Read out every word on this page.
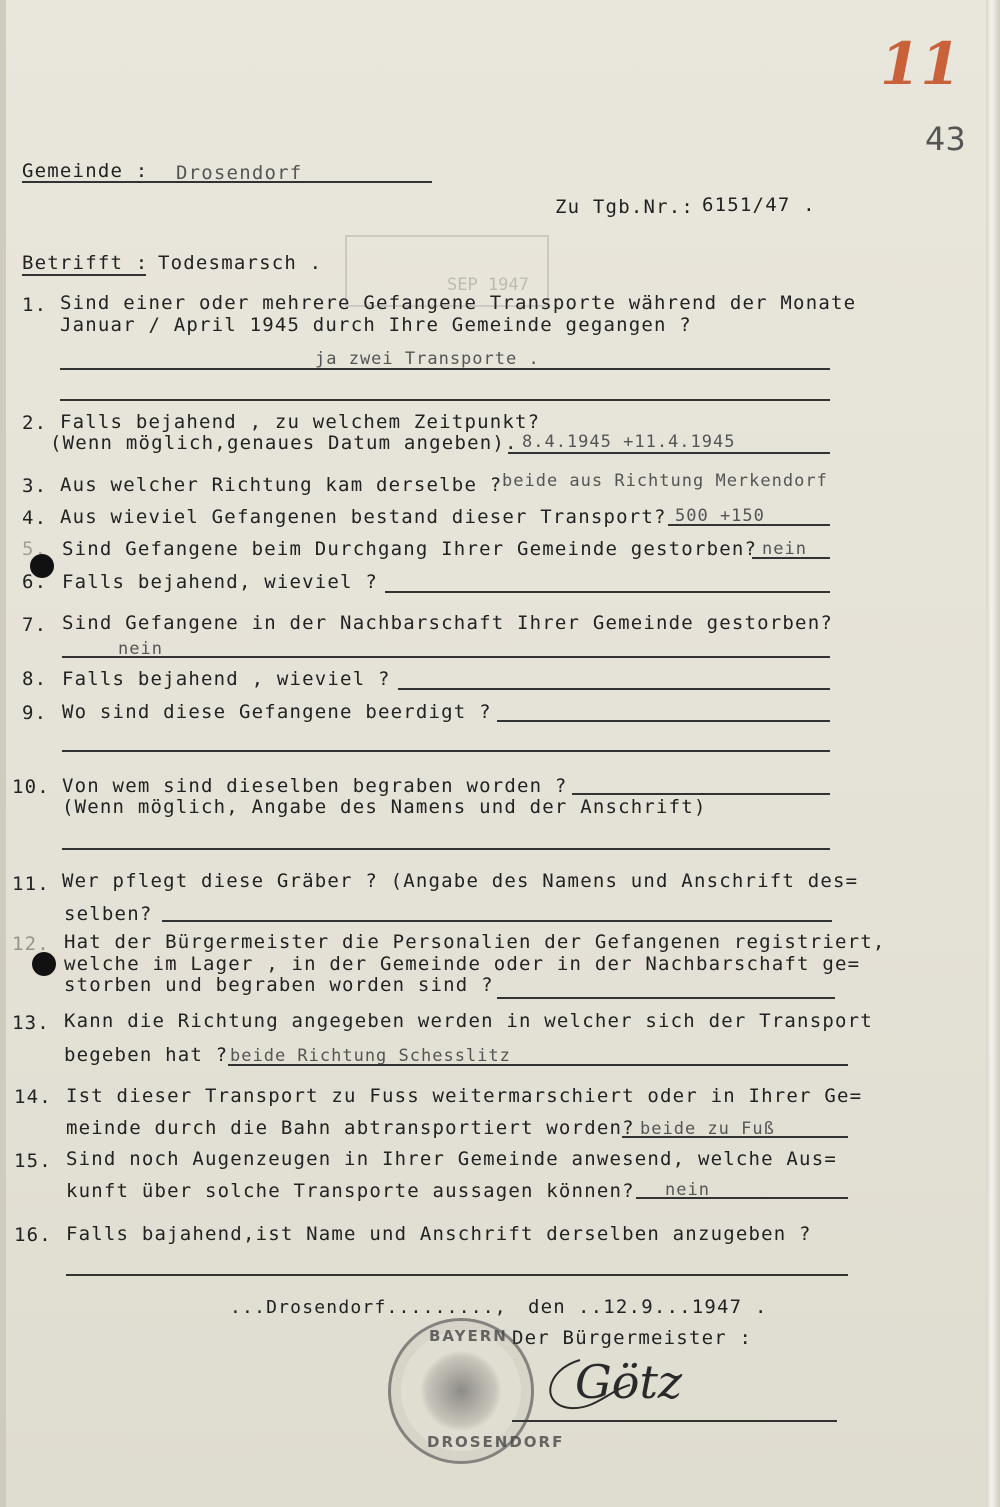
11
43
SEP 1947
Gemeinde : Drosendorf
Zu Tgb.Nr.: 6151/47 .
Betrifft : Todesmarsch .
1. Sind einer oder mehrere Gefangene Transporte während der Monate
Januar / April 1945 durch Ihre Gemeinde gegangen ?
ja zwei Transporte .
2. Falls bejahend , zu welchem Zeitpunkt?
(Wenn möglich,genaues Datum angeben). 8.4.1945 +11.4.1945
3. Aus welcher Richtung kam derselbe ? beide aus Richtung Merkendorf
4. Aus wieviel Gefangenen bestand dieser Transport? 500 +150
5. Sind Gefangene beim Durchgang Ihrer Gemeinde gestorben? nein
6. Falls bejahend, wieviel ?
7. Sind Gefangene in der Nachbarschaft Ihrer Gemeinde gestorben?
nein
8. Falls bejahend , wieviel ?
9. Wo sind diese Gefangene beerdigt ?
10. Von wem sind dieselben begraben worden ?
(Wenn möglich, Angabe des Namens und der Anschrift)
11. Wer pflegt diese Gräber ? (Angabe des Namens und Anschrift des=
selben?
12. Hat der Bürgermeister die Personalien der Gefangenen registriert,
welche im Lager , in der Gemeinde oder in der Nachbarschaft ge=
storben und begraben worden sind ?
13. Kann die Richtung angegeben werden in welcher sich der Transport
begeben hat ? beide Richtung Schesslitz
14. Ist dieser Transport zu Fuss weitermarschiert oder in Ihrer Ge=
meinde durch die Bahn abtransportiert worden? beide zu Fuß
15. Sind noch Augenzeugen in Ihrer Gemeinde anwesend, welche Aus=
kunft über solche Transporte aussagen können? nein
16. Falls bajahend,ist Name und Anschrift derselben anzugeben ?
...Drosendorf........., den ..12.9...1947 .
Der Bürgermeister :
BAYERN
DROSENDORF
Götz
